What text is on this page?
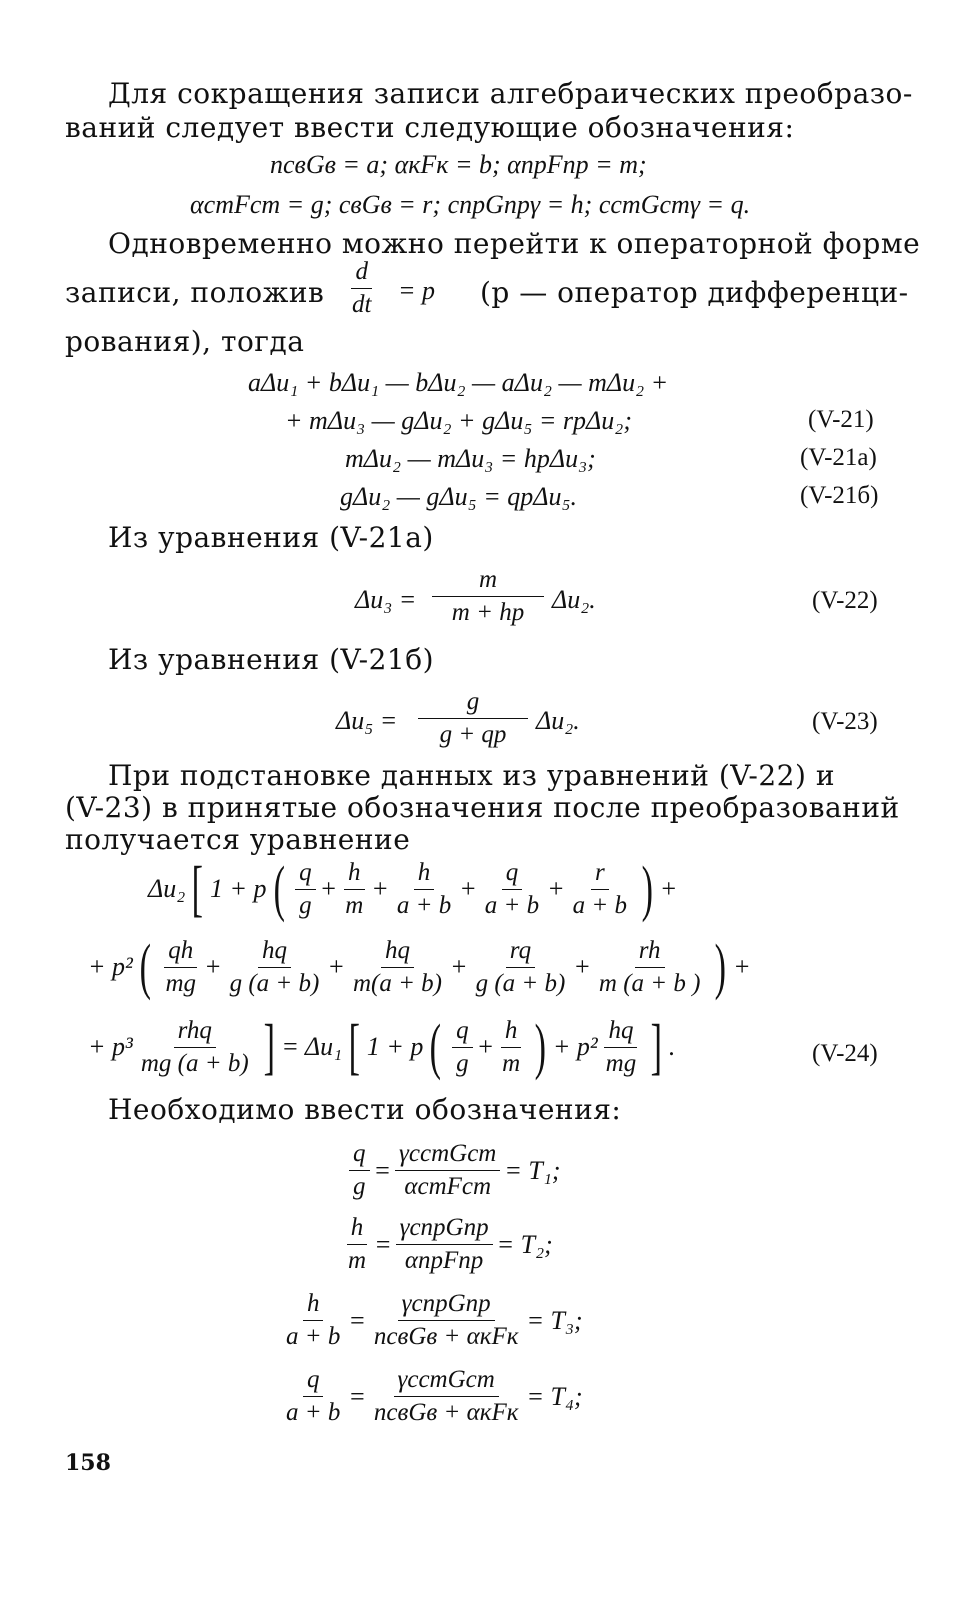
Для сокращения записи алгебраических преобразо-
ваний следует ввести следующие обозначения:
ncвGв = a; αкFк = b; αпрFпр = m;
αстFст = g; cвGв = r; cпрGпрγ = h; cстGстγ = q.
Одновременно можно перейти к операторной форме
записи, положив $\frac{d}{dt} = p$ (p — оператор дифференци-
рования), тогда
aΔu₁ + bΔu₁ — bΔu₂ — aΔu₂ — mΔu₂ +
+ mΔu₃ — gΔu₂ + gΔu₅ = rpΔu₂;	(V-21)
mΔu₂ — mΔu₃ = hpΔu₃;	(V-21a)
gΔu₂ — gΔu₅ = qpΔu₅.	(V-21б)
Из уравнения (V-21а)
$\Delta u_3 = \frac{m}{m + hp} \Delta u_2$.	(V-22)
Из уравнения (V-21б)
$\Delta u_5 = \frac{g}{g + qp} \Delta u_2$.	(V-23)
При подстановке данных из уравнений (V-22) и
(V-23) в принятые обозначения после преобразований
получается уравнение
Δu₂ [ 1 + p ( $\frac{q}{g} + \frac{h}{m} + \frac{h}{a + b} + \frac{q}{a + b} + \frac{r}{a + b}$ ) +
+ p² ( $\frac{qh}{mg} + \frac{hq}{g (a + b)} + \frac{hq}{m(a + b)} + \frac{rq}{g (a + b)} + \frac{rh}{m (a + b )}$ ) +
+ $p^3 \frac{\text{rhq}}{mg (a + b)}$ ] = Δu₁ [ 1 + p ( $\frac{q}{g} + \frac{h}{m}$ ) + $p^2 \frac{hq}{mg}$ ] .	(V-24)
Необходимо ввести обозначения:
$\frac{q}{g} = \frac{\text{γcстGст}}{\text{αстFст}} = T_1$;
$\frac{h}{m} = \frac{\text{γcпрGпр}}{\text{αпрFпр}} = T_2$;
$\frac{h}{a + b} = \frac{\text{γcпрGпр}}{\text{ncвGв + αкFк}} = T_3$;
$\frac{q}{a + b} = \frac{\text{γcстGст}}{\text{ncвGв + αкFк}} = T_4$;
158
